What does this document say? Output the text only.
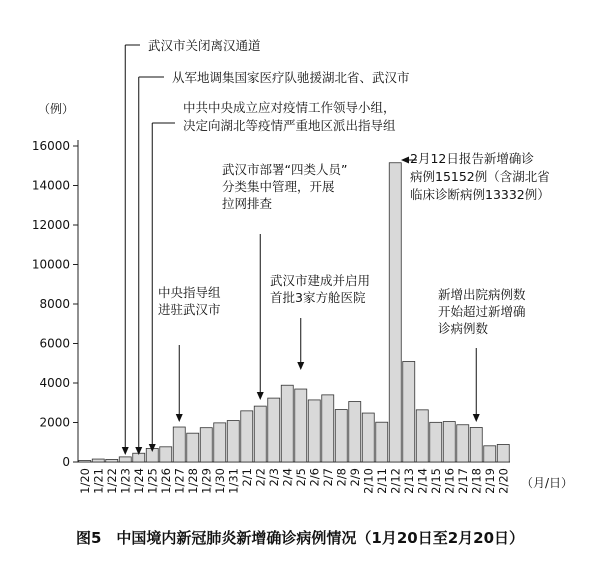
0
2000
4000
6000
8000
10000
12000
14000
16000
（例）
1/20 1/21 1/22 1/23 1/24 1/25 1/26 1/27 1/28 1/29 1/30 1/31 2/1 2/2 2/3 2/4 2/5 2/6 2/7 2/8 2/9 2/10 2/11 2/12 2/13 2/14 2/15 2/16 2/17 2/18 2/19 2/20 （月/日）
武汉市关闭离汉通道
从军地调集国家医疗队驰援湖北省、武汉市
中共中央成立应对疫情工作领导小组，
决定向湖北等疫情严重地区派出指导组
中央指导组
进驻武汉市
武汉市部署“四类人员”
分类集中管理，开展
拉网排查
武汉市建成并启用
首批3家方舱医院
2月12日报告新增确诊
病例15152例（含湖北省
临床诊断病例13332例）
新增出院病例数
开始超过新增确
诊病例数
图5　中国境内新冠肺炎新增确诊病例情况（1月20日至2月20日）
